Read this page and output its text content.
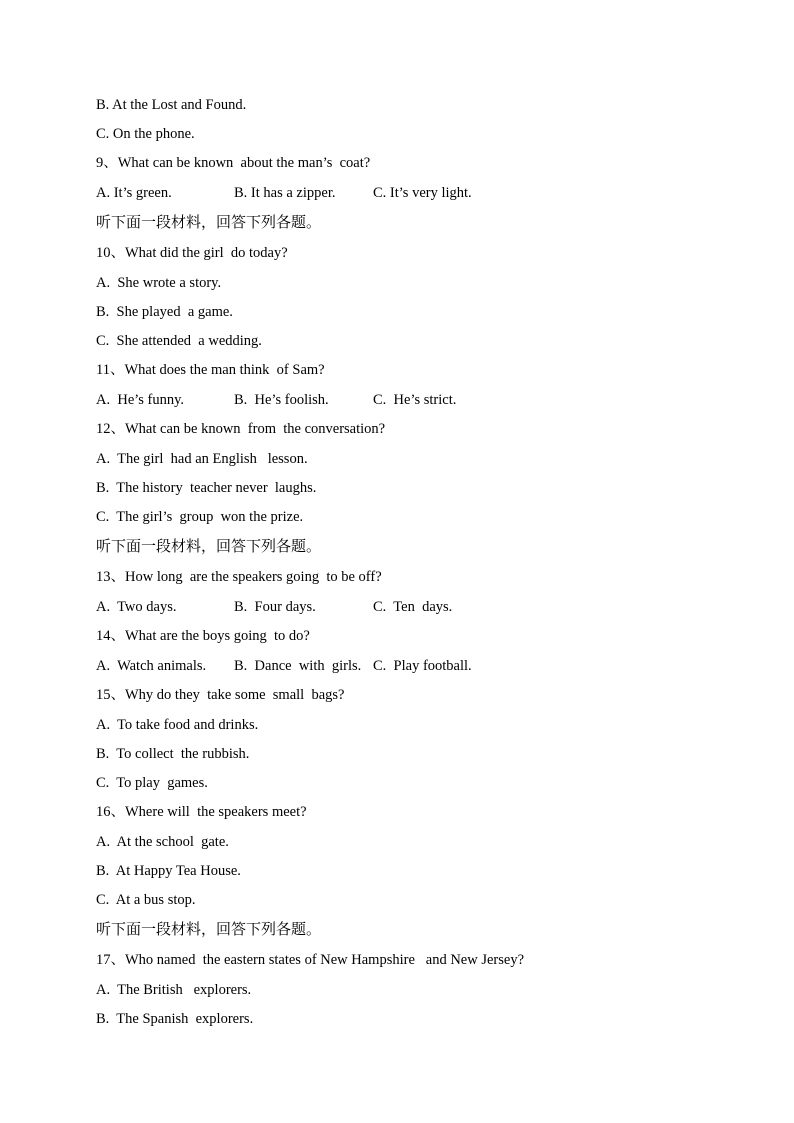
B. At the Lost and Found.

C. On the phone.

9、What can be known  about the man’s  coat?

A. It’s green.	B. It has a zipper.	C. It’s very light.

听下面一段材料，回答下列各题。

10、What did the girl  do today?

A.  She wrote a story.

B.  She played  a game.

C.  She attended  a wedding.

11、What does the man think  of Sam?

A.  He’s funny.	B.  He’s foolish.	C.  He’s strict.

12、What can be known  from  the conversation?

A.  The girl  had an English   lesson.

B.  The history  teacher never  laughs.

C.  The girl’s  group  won the prize.

听下面一段材料，回答下列各题。

13、How long  are the speakers going  to be off?

A.  Two days.	B.  Four days.	C.  Ten  days.

14、What are the boys going  to do?

A.  Watch animals.	B.  Dance  with  girls. C.  Play football.

15、Why do they  take some  small  bags?

A.  To take food and drinks.

B.  To collect  the rubbish.

C.  To play  games.

16、Where will  the speakers meet?

A.  At the school  gate.

B.  At Happy Tea House.

C.  At a bus stop.

听下面一段材料，回答下列各题。

17、Who named  the eastern states of New Hampshire   and New Jersey?

A.  The British   explorers.

B.  The Spanish  explorers.
